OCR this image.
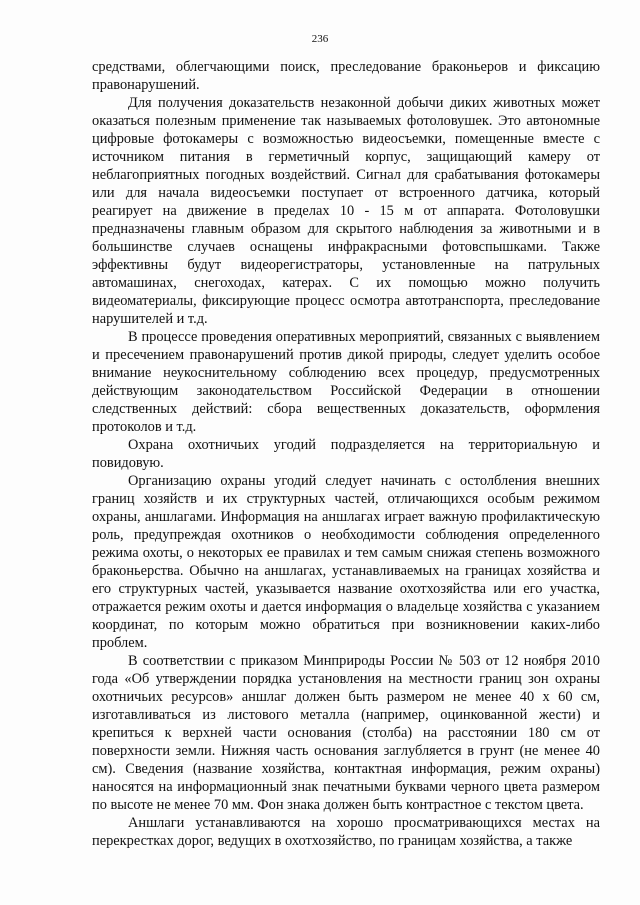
236

средствами, облегчающими поиск, преследование браконьеров и фиксацию правонарушений.

Для получения доказательств незаконной добычи диких животных может оказаться полезным применение так называемых фотоловушек. Это автономные цифровые фотокамеры с возможностью видеосъемки, помещенные вместе с источником питания в герметичный корпус, защищающий камеру от неблагоприятных погодных воздействий. Сигнал для срабатывания фотокамеры или для начала видеосъемки поступает от встроенного датчика, который реагирует на движение в пределах 10 - 15 м от аппарата. Фотоловушки предназначены главным образом для скрытого наблюдения за животными и в большинстве случаев оснащены инфракрасными фотовспышками. Также эффективны будут видеорегистраторы, установленные на патрульных автомашинах, снегоходах, катерах. С их помощью можно получить видеоматериалы, фиксирующие процесс осмотра автотранспорта, преследование нарушителей и т.д.

В процессе проведения оперативных мероприятий, связанных с выявлением и пресечением правонарушений против дикой природы, следует уделить особое внимание неукоснительному соблюдению всех процедур, предусмотренных действующим законодательством Российской Федерации в отношении следственных действий: сбора вещественных доказательств, оформления протоколов и т.д.

Охрана охотничьих угодий подразделяется на территориальную и повидовую.

Организацию охраны угодий следует начинать с остолбления внешних границ хозяйств и их структурных частей, отличающихся особым режимом охраны, аншлагами. Информация на аншлагах играет важную профилактическую роль, предупреждая охотников о необходимости соблюдения определенного режима охоты, о некоторых ее правилах и тем самым снижая степень возможного браконьерства. Обычно на аншлагах, устанавливаемых на границах хозяйства и его структурных частей, указывается название охотхозяйства или его участка, отражается режим охоты и дается информация о владельце хозяйства с указанием координат, по которым можно обратиться при возникновении каких-либо проблем.

В соответствии с приказом Минприроды России № 503 от 12 ноября 2010 года «Об утверждении порядка установления на местности границ зон охраны охотничьих ресурсов» аншлаг должен быть размером не менее 40 х 60 см, изготавливаться из листового металла (например, оцинкованной жести) и крепиться к верхней части основания (столба) на расстоянии 180 см от поверхности земли. Нижняя часть основания заглубляется в грунт (не менее 40 см). Сведения (название хозяйства, контактная информация, режим охраны) наносятся на информационный знак печатными буквами черного цвета размером по высоте не менее 70 мм. Фон знака должен быть контрастное с текстом цвета.

Аншлаги устанавливаются на хорошо просматривающихся местах на перекрестках дорог, ведущих в охотхозяйство, по границам хозяйства, а также
